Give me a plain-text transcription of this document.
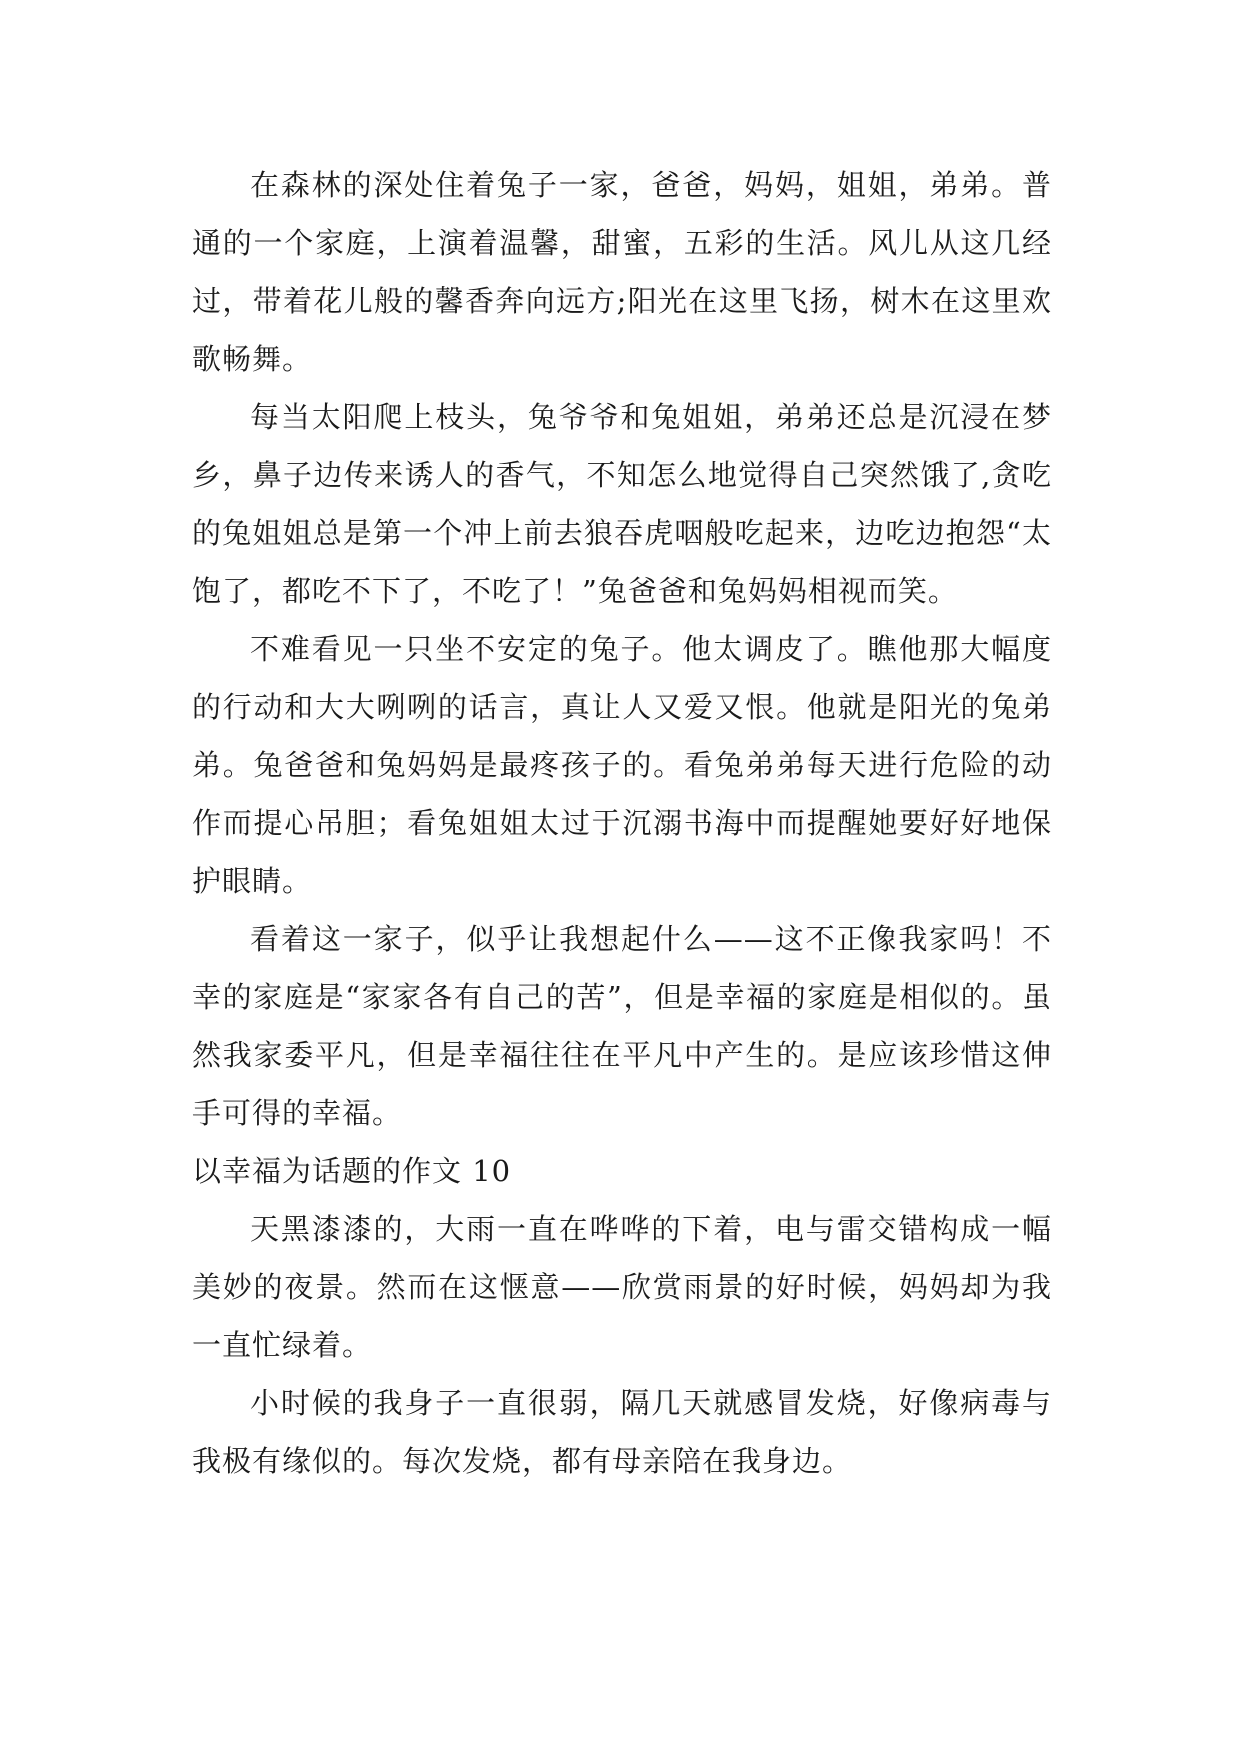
在森林的深处住着兔子一家，爸爸，妈妈，姐姐，弟弟。普通的一个家庭，上演着温馨，甜蜜，五彩的生活。风儿从这几经过，带着花儿般的馨香奔向远方;阳光在这里飞扬，树木在这里欢歌畅舞。

每当太阳爬上枝头，兔爷爷和兔姐姐，弟弟还总是沉浸在梦乡，鼻子边传来诱人的香气，不知怎么地觉得自己突然饿了,贪吃的兔姐姐总是第一个冲上前去狼吞虎咽般吃起来，边吃边抱怨“太饱了，都吃不下了，不吃了！”兔爸爸和兔妈妈相视而笑。

不难看见一只坐不安定的兔子。他太调皮了。瞧他那大幅度的行动和大大咧咧的话言，真让人又爱又恨。他就是阳光的兔弟弟。兔爸爸和兔妈妈是最疼孩子的。看兔弟弟每天进行危险的动作而提心吊胆；看兔姐姐太过于沉溺书海中而提醒她要好好地保护眼睛。

看着这一家子，似乎让我想起什么——这不正像我家吗！不幸的家庭是“家家各有自己的苦”，但是幸福的家庭是相似的。虽然我家委平凡，但是幸福往往在平凡中产生的。是应该珍惜这伸手可得的幸福。

以幸福为话题的作文 10

天黑漆漆的，大雨一直在哗哗的下着，电与雷交错构成一幅美妙的夜景。然而在这惬意——欣赏雨景的好时候，妈妈却为我一直忙绿着。

小时候的我身子一直很弱，隔几天就感冒发烧，好像病毒与我极有缘似的。每次发烧，都有母亲陪在我身边。
